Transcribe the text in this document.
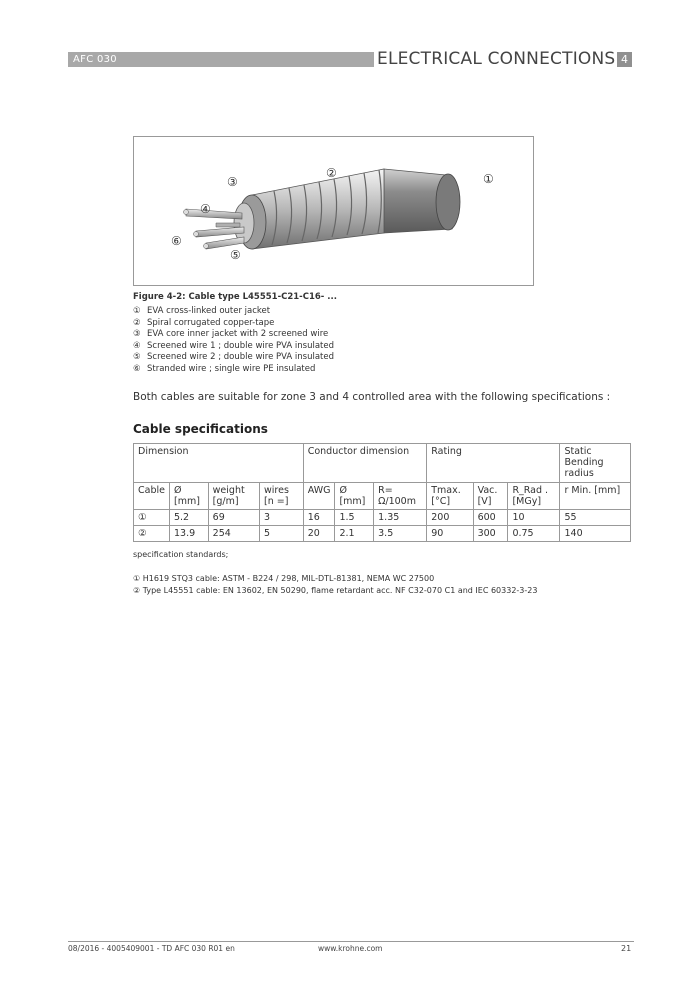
AFC 030	ELECTRICAL CONNECTIONS 4
①
②
③
④
⑤
⑥
Figure 4-2: Cable type L45551-C21-C16- ...
① EVA cross-linked outer jacket
② Spiral corrugated copper-tape
③ EVA core inner jacket with 2 screened wire
④ Screened wire 1 ; double wire PVA insulated
⑤ Screened wire 2 ; double wire PVA insulated
⑥ Stranded wire ; single wire PE insulated
Both cables are suitable for zone 3 and 4 controlled area with the following specifications :
Cable specifications
Dimension				Conductor dimension			Rating			Static Bending radius
Cable	Ø [mm]	weight [g/m]	wires [n =]	AWG	Ø [mm]	R= Ω/100m	Tmax. [°C]	Vac. [V]	R_Rad . [MGy]	r Min. [mm]
①	5.2	69	3	16	1.5	1.35	200	600	10	55
②	13.9	254	5	20	2.1	3.5	90	300	0.75	140
specification standards;
① H1619 STQ3 cable: ASTM - B224 / 298, MIL-DTL-81381, NEMA WC 27500
② Type L45551 cable: EN 13602, EN 50290, flame retardant acc. NF C32-070 C1 and IEC 60332-3-23
08/2016 - 4005409001 - TD AFC 030 R01 en	www.krohne.com	21
